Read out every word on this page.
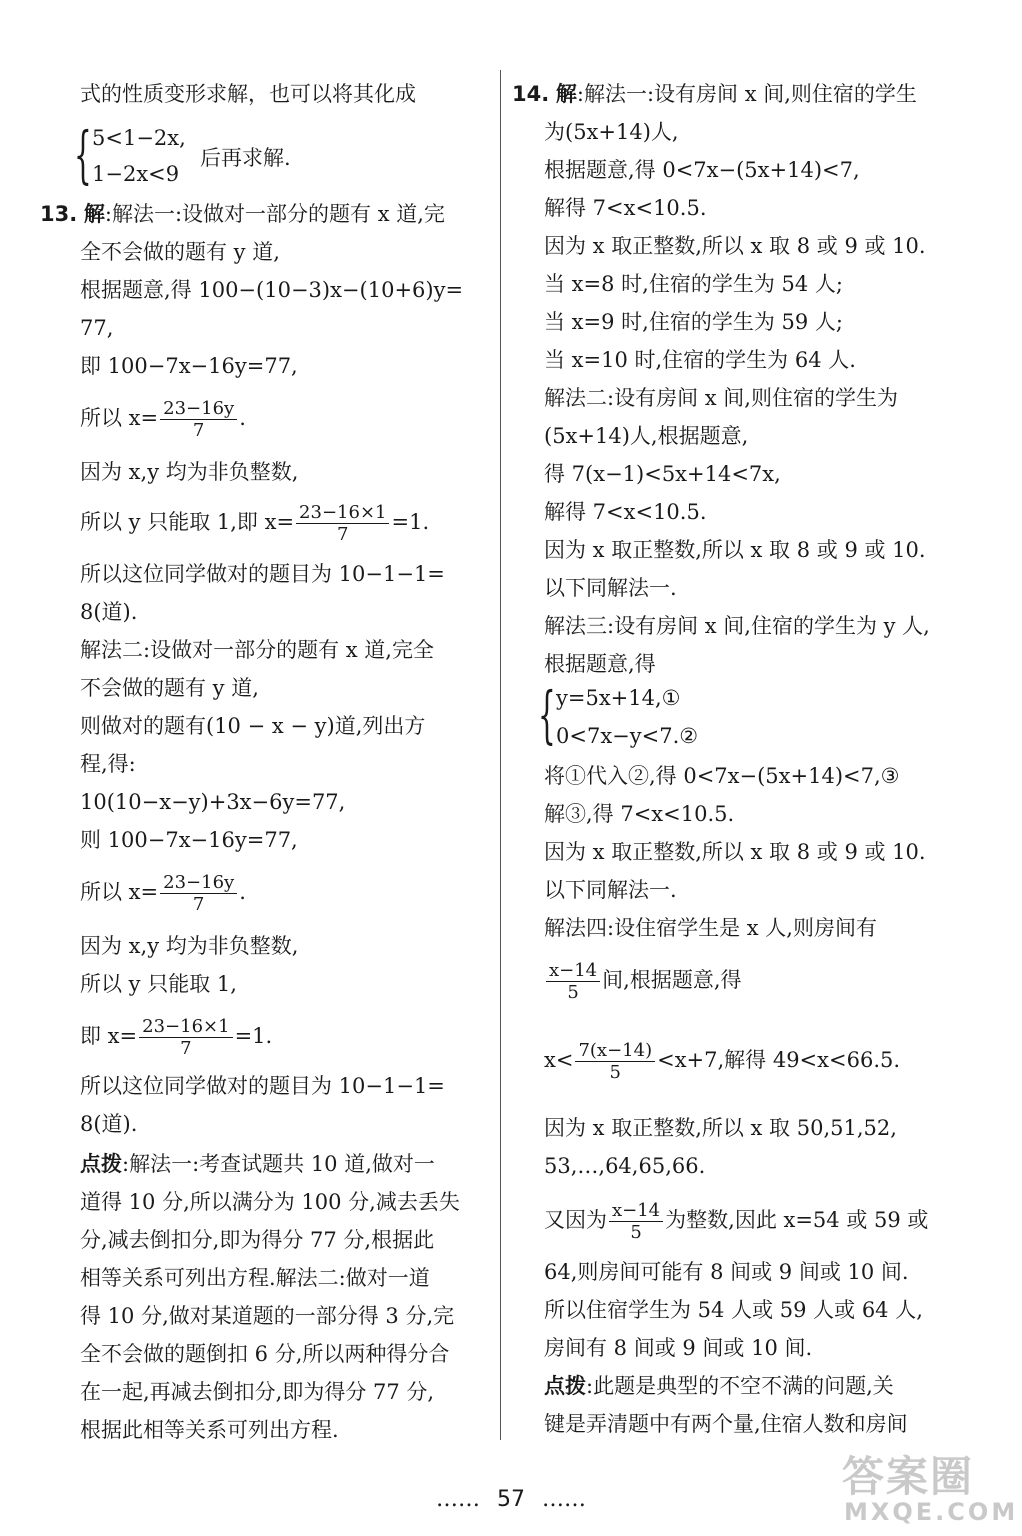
式的性质变形求解，也可以将其化成
{ 5<1−2x,
1−2x<9
后再求解.
13. 解:解法一:设做对一部分的题有 x 道,完
全不会做的题有 y 道,
根据题意,得 100−(10−3)x−(10+6)y=
77,
即 100−7x−16y=77,
所以 $x= \frac{23-16y}{7}$ .
因为 x,y 均为非负整数,
所以 y 只能取 1,即 $x= \frac{23-16\times 1}{7} =1$.
所以这位同学做对的题目为 10−1−1=
8(道).
解法二:设做对一部分的题有 x 道,完全
不会做的题有 y 道,
则做对的题有(10 − x − y)道,列出方
程,得:
10(10−x−y)+3x−6y=77,
则 100−7x−16y=77,
所以 $x= \frac{23-16y}{7}$ .
因为 x,y 均为非负整数,
所以 y 只能取 1,
即 $x= \frac{23-16\times 1}{7} =1$.
所以这位同学做对的题目为 10−1−1=
8(道).
点拨:解法一:考查试题共 10 道,做对一
道得 10 分,所以满分为 100 分,减去丢失
分,减去倒扣分,即为得分 77 分,根据此
相等关系可列出方程.解法二:做对一道
得 10 分,做对某道题的一部分得 3 分,完
全不会做的题倒扣 6 分,所以两种得分合
在一起,再减去倒扣分,即为得分 77 分,
根据此相等关系可列出方程.
14. 解:解法一:设有房间 x 间,则住宿的学生
为(5x+14)人,
根据题意,得 0<7x−(5x+14)<7,
解得 7<x<10.5.
因为 x 取正整数,所以 x 取 8 或 9 或 10.
当 x=8 时,住宿的学生为 54 人;
当 x=9 时,住宿的学生为 59 人;
当 x=10 时,住宿的学生为 64 人.
解法二:设有房间 x 间,则住宿的学生为
(5x+14)人,根据题意,
得 7(x−1)<5x+14<7x,
解得 7<x<10.5.
因为 x 取正整数,所以 x 取 8 或 9 或 10.
以下同解法一.
解法三:设有房间 x 间,住宿的学生为 y 人,
根据题意,得
{ y=5x+14,①
0<7x−y<7.②
将①代入②,得 0<7x−(5x+14)<7,③
解③,得 7<x<10.5.
因为 x 取正整数,所以 x 取 8 或 9 或 10.
以下同解法一.
解法四:设住宿学生是 x 人,则房间有
$\frac{x-14}{5}$ 间,根据题意,得
$x< \frac{7(x-14)}{5} <x+7$,解得 49<x<66.5.
因为 x 取正整数,所以 x 取 50,51,52,
53,…,64,65,66.
又因为 $\frac{x-14}{5}$ 为整数,因此 x=54 或 59 或
64,则房间可能有 8 间或 9 间或 10 间.
所以住宿学生为 54 人或 59 人或 64 人,
房间有 8 间或 9 间或 10 间.
点拨:此题是典型的不空不满的问题,关
键是弄清题中有两个量,住宿人数和房间
…… 57 ……	答案圈
MXQE.COM
